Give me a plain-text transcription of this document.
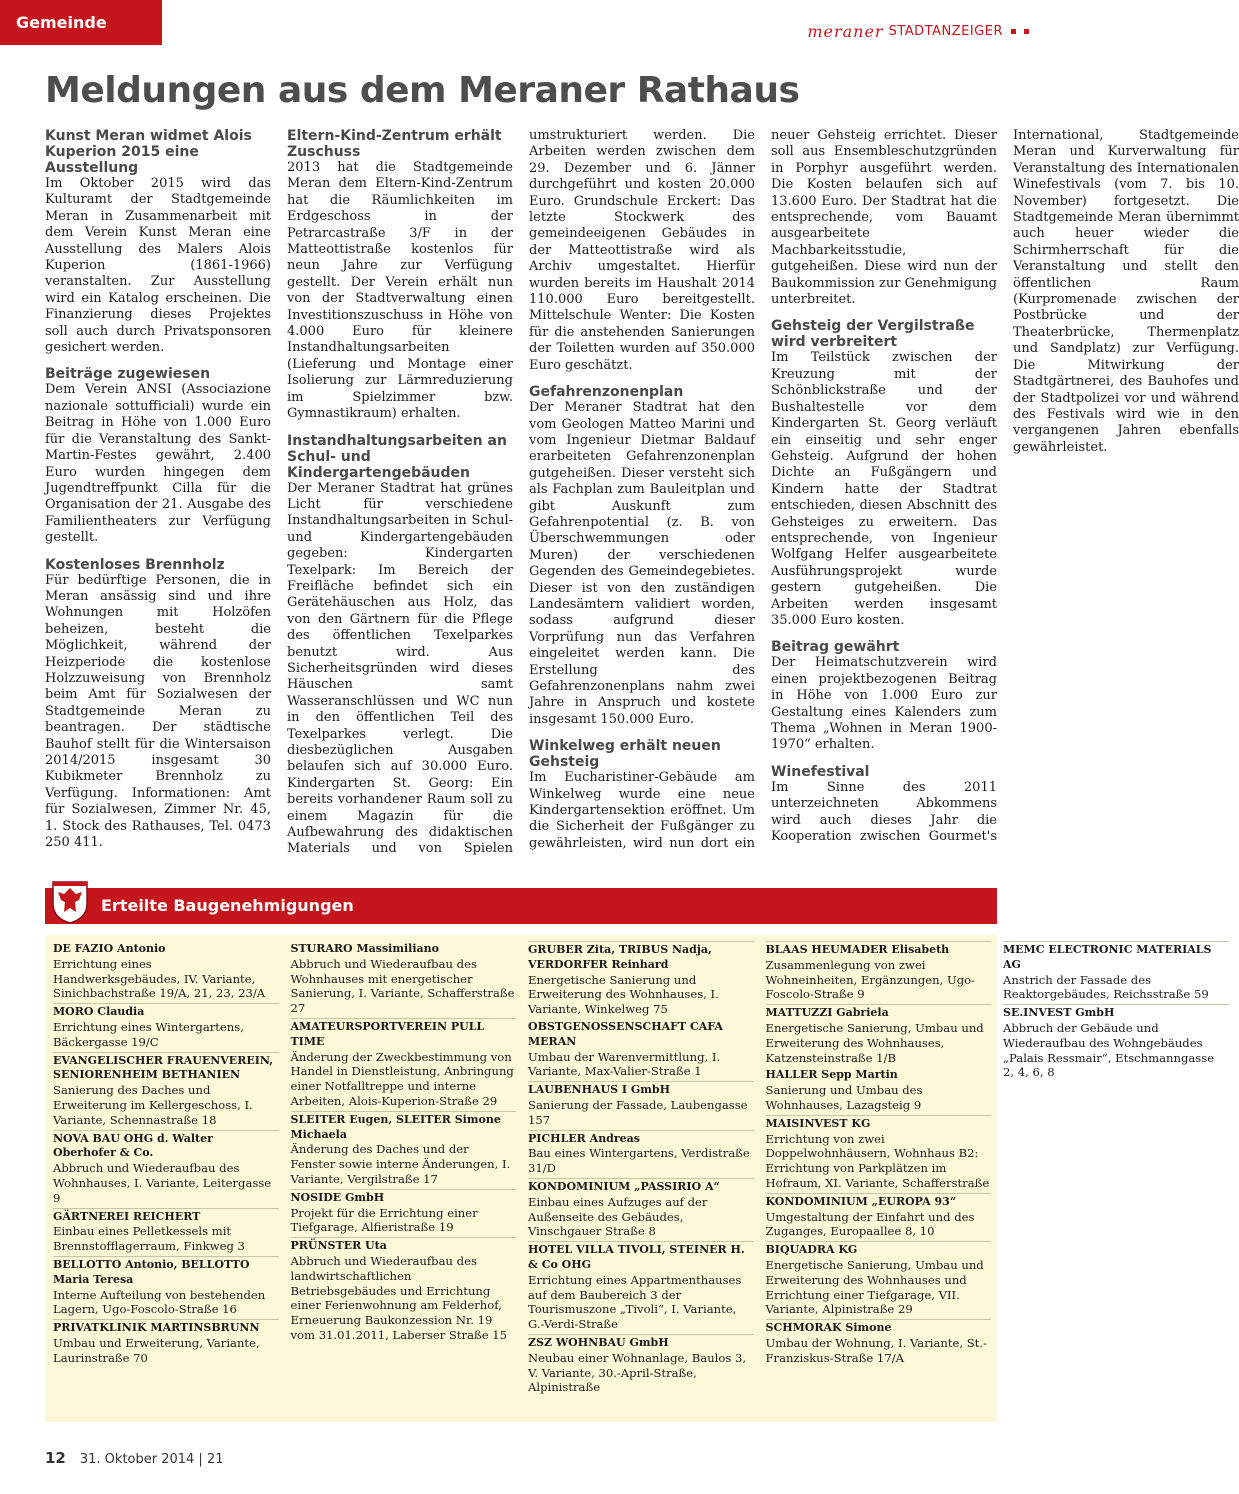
Gemeinde	meraner STADTANZEIGER
Meldungen aus dem Meraner Rathaus
Kunst Meran widmet Alois Kuperion 2015 eine Ausstellung

Im Oktober 2015 wird das Kulturamt der Stadtgemeinde Meran in Zusammenarbeit mit dem Verein Kunst Meran eine Ausstellung des Malers Alois Kuperion (1861-1966) veranstalten. Zur Ausstellung wird ein Katalog erscheinen. Die Finanzierung dieses Projektes soll auch durch Privatsponsoren gesichert werden.

Beiträge zugewiesen

Dem Verein ANSI (Associazione nazionale sottufficiali) wurde ein Beitrag in Höhe von 1.000 Euro für die Veranstaltung des Sankt-Martin-Festes gewährt, 2.400 Euro wurden hingegen dem Jugendtreffpunkt Cilla für die Organisation der 21. Ausgabe des Familientheaters zur Verfügung gestellt.

Kostenloses Brennholz

Für bedürftige Personen, die in Meran ansässig sind und ihre Wohnungen mit Holzöfen beheizen, besteht die Möglichkeit, während der Heizperiode die kostenlose Holzzuweisung von Brennholz beim Amt für Sozialwesen der Stadtgemeinde Meran zu beantragen. Der städtische Bauhof stellt für die Wintersaison 2014/2015 insgesamt 30 Kubikmeter Brennholz zu Verfügung. Informationen: Amt für Sozialwesen, Zimmer Nr. 45, 1. Stock des Rathauses, Tel. 0473 250 411.

Eltern-Kind-Zentrum erhält Zuschuss

2013 hat die Stadtgemeinde Meran dem Eltern-Kind-Zentrum hat die Räumlichkeiten im Erdgeschoss in der Petrarcastraße 3/F in der Matteottistraße kostenlos für neun Jahre zur Verfügung gestellt. Der Verein erhält nun von der Stadtverwaltung einen Investitionszuschuss in Höhe von 4.000 Euro für kleinere Instandhaltungsarbeiten (Lieferung und Montage einer Isolierung zur Lärmreduzierung im Spielzimmer bzw. Gymnastikraum) erhalten.

Instandhaltungsarbeiten an Schul- und Kindergartengebäuden

Der Meraner Stadtrat hat grünes Licht für verschiedene Instandhaltungsarbeiten in Schul- und Kindergartengebäuden gegeben: Kindergarten Texelpark: Im Bereich der Freifläche befindet sich ein Gerätehäuschen aus Holz, das von den Gärtnern für die Pflege des öffentlichen Texelparkes benutzt wird. Aus Sicherheitsgründen wird dieses Häuschen samt Wasseranschlüssen und WC nun in den öffentlichen Teil des Texelparkes verlegt. Die diesbezüglichen Ausgaben belaufen sich auf 30.000 Euro. Kindergarten St. Georg: Ein bereits vorhandener Raum soll zu einem Magazin für die Aufbewahrung des didaktischen Materials und von Spielen umstrukturiert werden. Die Arbeiten werden zwischen dem 29. Dezember und 6. Jänner durchgeführt und kosten 20.000 Euro. Grundschule Erckert: Das letzte Stockwerk des gemeindeeigenen Gebäudes in der Matteottistraße wird als Archiv umgestaltet. Hierfür wurden bereits im Haushalt 2014 110.000 Euro bereitgestellt. Mittelschule Wenter: Die Kosten für die anstehenden Sanierungen der Toiletten wurden auf 350.000 Euro geschätzt.

Gefahrenzonenplan

Der Meraner Stadtrat hat den vom Geologen Matteo Marini und vom Ingenieur Dietmar Baldauf erarbeiteten Gefahrenzonenplan gutgeheißen. Dieser versteht sich als Fachplan zum Bauleitplan und gibt Auskunft zum Gefahrenpotential (z. B. von Überschwemmungen oder Muren) der verschiedenen Gegenden des Gemeindegebietes. Dieser ist von den zuständigen Landesämtern validiert worden, sodass aufgrund dieser Vorprüfung nun das Verfahren eingeleitet werden kann. Die Erstellung des Gefahrenzonenplans nahm zwei Jahre in Anspruch und kostete insgesamt 150.000 Euro.

Winkelweg erhält neuen Gehsteig

Im Eucharistiner-Gebäude am Winkelweg wurde eine neue Kindergartensektion eröffnet. Um die Sicherheit der Fußgänger zu gewährleisten, wird nun dort ein neuer Gehsteig errichtet. Dieser soll aus Ensembleschutzgründen in Porphyr ausgeführt werden. Die Kosten belaufen sich auf 13.600 Euro. Der Stadtrat hat die entsprechende, vom Bauamt ausgearbeitete Machbarkeitsstudie, gutgeheißen. Diese wird nun der Baukommission zur Genehmigung unterbreitet.

Gehsteig der Vergilstraße wird verbreitert

Im Teilstück zwischen der Kreuzung mit der Schönblickstraße und der Bushaltestelle vor dem Kindergarten St. Georg verläuft ein einseitig und sehr enger Gehsteig. Aufgrund der hohen Dichte an Fußgängern und Kindern hatte der Stadtrat entschieden, diesen Abschnitt des Gehsteiges zu erweitern. Das entsprechende, von Ingenieur Wolfgang Helfer ausgearbeitete Ausführungsprojekt wurde gestern gutgeheißen. Die Arbeiten werden insgesamt 35.000 Euro kosten.

Beitrag gewährt

Der Heimatschutzverein wird einen projektbezogenen Beitrag in Höhe von 1.000 Euro zur Gestaltung eines Kalenders zum Thema „Wohnen in Meran 1900-1970“ erhalten.

Winefestival

Im Sinne des 2011 unterzeichneten Abkommens wird auch dieses Jahr die Kooperation zwischen Gourmet's International, Stadtgemeinde Meran und Kurverwaltung für Veranstaltung des Internationalen Winefestivals (vom 7. bis 10. November) fortgesetzt. Die Stadtgemeinde Meran übernimmt auch heuer wieder die Schirmherrschaft für die Veranstaltung und stellt den öffentlichen Raum (Kurpromenade zwischen der Postbrücke und der Theaterbrücke, Thermenplatz und Sandplatz) zur Verfügung. Die Mitwirkung der Stadtgärtnerei, des Bauhofes und der Stadtpolizei vor und während des Festivals wird wie in den vergangenen Jahren ebenfalls gewährleistet.

Erteilte Baugenehmigungen
DE FAZIO Antonio
Errichtung eines Handwerksgebäudes, IV. Variante, Sinichbachstraße 19/A, 21, 23, 23/A
MORO Claudia
Errichtung eines Wintergartens, Bäckergasse 19/C
EVANGELISCHER FRAUENVEREIN, SENIORENHEIM BETHANIEN
Sanierung des Daches und Erweiterung im Kellergeschoss, I. Variante, Schennastraße 18
NOVA BAU OHG d. Walter Oberhofer & Co.
Abbruch und Wiederaufbau des Wohnhauses, I. Variante, Leitergasse 9
GÄRTNEREI REICHERT
Einbau eines Pelletkessels mit Brennstofflagerraum, Finkweg 3
BELLOTTO Antonio, BELLOTTO Maria Teresa
Interne Aufteilung von bestehenden Lagern, Ugo-Foscolo-Straße 16
PRIVATKLINIK MARTINSBRUNN
Umbau und Erweiterung, Variante, Laurinstraße 70
STURARO Massimiliano
Abbruch und Wiederaufbau des Wohnhauses mit energetischer Sanierung, I. Variante, Schafferstraße 27
AMATEURSPORTVEREIN PULL TIME
Änderung der Zweckbestimmung von Handel in Dienstleistung, Anbringung einer Notfalltreppe und interne Arbeiten, Alois-Kuperion-Straße 29
SLEITER Eugen, SLEITER Simone Michaela
Änderung des Daches und der Fenster sowie interne Änderungen, I. Variante, Vergilstraße 17
NOSIDE GmbH
Projekt für die Errichtung einer Tiefgarage, Alfieristraße 19
PRÜNSTER Uta
Abbruch und Wiederaufbau des landwirtschaftlichen Betriebsgebäudes und Errichtung einer Ferienwohnung am Felderhof, Erneuerung Baukonzession Nr. 19 vom 31.01.2011, Laberser Straße 15
GRUBER Zita, TRIBUS Nadja, VERDORFER Reinhard
Energetische Sanierung und Erweiterung des Wohnhauses, I. Variante, Winkelweg 75
OBSTGENOSSENSCHAFT CAFA MERAN
Umbau der Warenvermittlung, I. Variante, Max-Valier-Straße 1
LAUBENHAUS I GmbH
Sanierung der Fassade, Laubengasse 157
PICHLER Andreas
Bau eines Wintergartens, Verdistraße 31/D
KONDOMINIUM „PASSIRIO A“
Einbau eines Aufzuges auf der Außenseite des Gebäudes, Vinschgauer Straße 8
HOTEL VILLA TIVOLI, STEINER H. & Co OHG
Errichtung eines Appartmenthauses auf dem Baubereich 3 der Tourismuszone „Tivoli“, I. Variante, G.-Verdi-Straße
ZSZ WOHNBAU GmbH
Neubau einer Wohnanlage, Baulos 3, V. Variante, 30.-April-Straße, Alpinistraße
BLAAS HEUMADER Elisabeth
Zusammenlegung von zwei Wohneinheiten, Ergänzungen, Ugo-Foscolo-Straße 9
MATTUZZI Gabriela
Energetische Sanierung, Umbau und Erweiterung des Wohnhauses, Katzensteinstraße 1/B
HALLER Sepp Martin
Sanierung und Umbau des Wohnhauses, Lazagsteig 9
MAISINVEST KG
Errichtung von zwei Doppelwohnhäusern, Wohnhaus B2: Errichtung von Parkplätzen im Hofraum, XI. Variante, Schafferstraße
KONDOMINIUM „EUROPA 93“
Umgestaltung der Einfahrt und des Zuganges, Europaallee 8, 10
BIQUADRA KG
Energetische Sanierung, Umbau und Erweiterung des Wohnhauses und Errichtung einer Tiefgarage, VII. Variante, Alpinistraße 29
SCHMORAK Simone
Umbau der Wohnung, I. Variante, St.-Franziskus-Straße 17/A
MEMC ELECTRONIC MATERIALS AG
Anstrich der Fassade des Reaktorgebäudes, Reichsstraße 59
SE.INVEST GmbH
Abbruch der Gebäude und Wiederaufbau des Wohngebäudes „Palais Ressmair“, Etschmanngasse 2, 4, 6, 8
12 31. Oktober 2014 | 21
